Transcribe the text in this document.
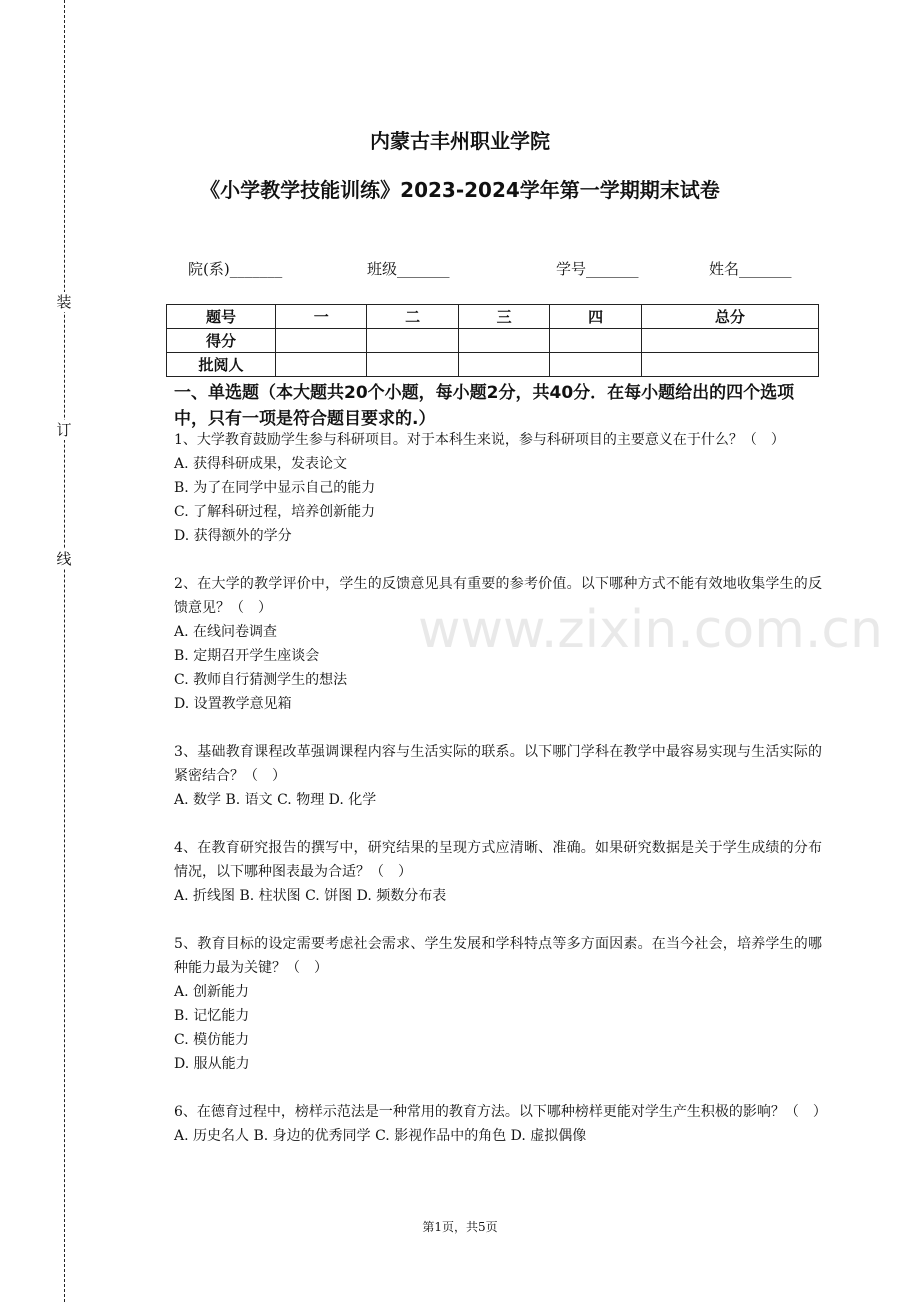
装
订
线
内蒙古丰州职业学院
《小学教学技能训练》2023-2024学年第一学期期末试卷
院(系)_______	班级_______	学号_______	姓名_______
题号	一	二	三	四	总分
得分					
批阅人					
一、单选题（本大题共20个小题，每小题2分，共40分．在每小题给出的四个选项中，只有一项是符合题目要求的.）
1、大学教育鼓励学生参与科研项目。对于本科生来说，参与科研项目的主要意义在于什么？（　）
A. 获得科研成果，发表论文
B. 为了在同学中显示自己的能力
C. 了解科研过程，培养创新能力
D. 获得额外的学分
2、在大学的教学评价中，学生的反馈意见具有重要的参考价值。以下哪种方式不能有效地收集学生的反馈意见？（　）
A. 在线问卷调查
B. 定期召开学生座谈会
C. 教师自行猜测学生的想法
D. 设置教学意见箱
3、基础教育课程改革强调课程内容与生活实际的联系。以下哪门学科在教学中最容易实现与生活实际的紧密结合？（　）
A. 数学 B. 语文 C. 物理 D. 化学
4、在教育研究报告的撰写中，研究结果的呈现方式应清晰、准确。如果研究数据是关于学生成绩的分布情况，以下哪种图表最为合适？（　）
A. 折线图 B. 柱状图 C. 饼图 D. 频数分布表
5、教育目标的设定需要考虑社会需求、学生发展和学科特点等多方面因素。在当今社会，培养学生的哪种能力最为关键？（　）
A. 创新能力
B. 记忆能力
C. 模仿能力
D. 服从能力
6、在德育过程中，榜样示范法是一种常用的教育方法。以下哪种榜样更能对学生产生积极的影响？（　）
A. 历史名人 B. 身边的优秀同学 C. 影视作品中的角色 D. 虚拟偶像
www.zixin.com.cn
第1页，共5页
